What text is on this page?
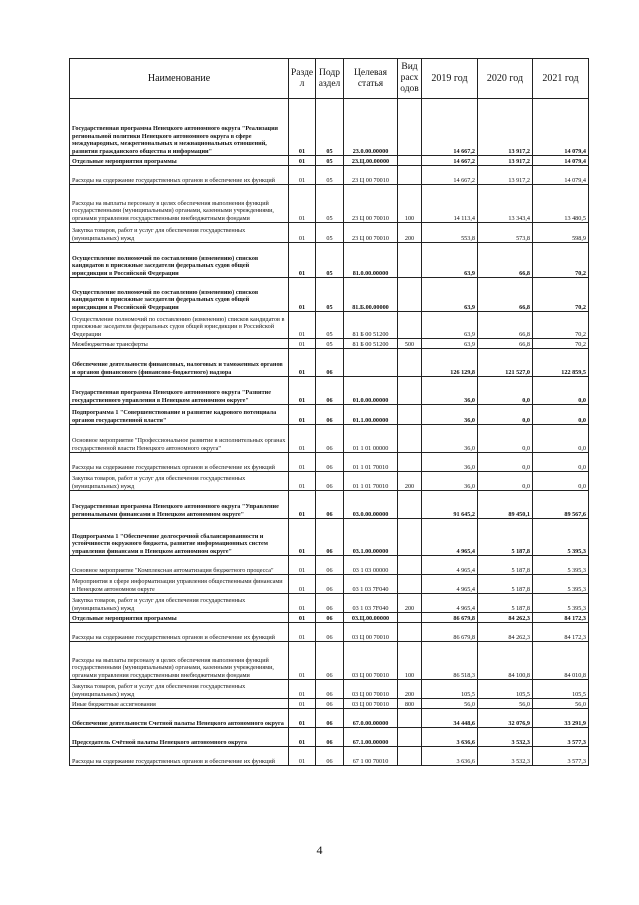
Наименование	Разде л	Подр аздел	Целевая статья	Вид расх одов	2019 год	2020 год	2021 год
Государственная программа Ненецкого автономного округа "Реализация региональной политики Ненецкого автономного округа в сфере международных, межрегиональных и межнациональных отношений, развития гражданского общества и информации"	01	05	23.0.00.00000		14 667,2	13 917,2	14 079,4
Отдельные мероприятия программы	01	05	23.Ц.00.00000		14 667,2	13 917,2	14 079,4
Расходы на содержание государственных органов и обеспечение их функций	01	05	23 Ц 00 70010		14 667,2	13 917,2	14 079,4
Расходы на выплаты персоналу в целях обеспечения выполнения функций государственными (муниципальными) органами, казенными учреждениями, органами управления государственными внебюджетными фондами	01	05	23 Ц 00 70010	100	14 113,4	13 343,4	13 480,5
Закупка товаров, работ и услуг для обеспечения государственных (муниципальных) нужд	01	05	23 Ц 00 70010	200	553,8	573,8	598,9
Осуществление полномочий по составлению (изменению) списков кандидатов в присяжные заседатели федеральных судов общей юрисдикции в Российской Федерации	01	05	81.0.00.00000		63,9	66,8	70,2
Осуществление полномочий по составлению (изменению) списков кандидатов в присяжные заседатели федеральных судов общей юрисдикции в Российской Федерации	01	05	81.Б.00.00000		63,9	66,8	70,2
Осуществление полномочий по составлению (изменению) списков кандидатов в присяжные заседатели федеральных судов общей юрисдикции в Российской Федерации	01	05	81 Б 00 51200		63,9	66,8	70,2
Межбюджетные трансферты	01	05	81 Б 00 51200	500	63,9	66,8	70,2
Обеспечение деятельности финансовых, налоговых и таможенных органов и органов финансового (финансово-бюджетного) надзора	01	06			126 129,8	121 527,0	122 859,5
Государственная программа Ненецкого автономного округа "Развитие государственного управления в Ненецком автономном округе"	01	06	01.0.00.00000		36,0	0,0	0,0
Подпрограмма 1 "Совершенствование и развитие кадрового потенциала органов государственной власти"	01	06	01.1.00.00000		36,0	0,0	0,0
Основное мероприятие "Профессиональное развитие в исполнительных органах государственной власти Ненецкого автономного округа"	01	06	01 1 01 00000		36,0	0,0	0,0
Расходы на содержание государственных органов и обеспечение их функций	01	06	01 1 01 70010		36,0	0,0	0,0
Закупка товаров, работ и услуг для обеспечения государственных (муниципальных) нужд	01	06	01 1 01 70010	200	36,0	0,0	0,0
Государственная программа Ненецкого автономного округа "Управление региональными финансами в Ненецком автономном округе"	01	06	03.0.00.00000		91 645,2	89 450,1	89 567,6
Подпрограмма 1 "Обеспечение долгосрочной сбалансированности и устойчивости окружного бюджета, развитие информационных систем управления финансами в Ненецком автономном округе"	01	06	03.1.00.00000		4 965,4	5 187,8	5 395,3
Основное мероприятие "Комплексная автоматизация бюджетного процесса"	01	06	03 1 03 00000		4 965,4	5 187,8	5 395,3
Мероприятия в сфере информатизации управления общественными финансами в Ненецком автономном округе	01	06	03 1 03 7F040		4 965,4	5 187,8	5 395,3
Закупка товаров, работ и услуг для обеспечения государственных (муниципальных) нужд	01	06	03 1 03 7F040	200	4 965,4	5 187,8	5 395,3
Отдельные мероприятия программы	01	06	03.Ц.00.00000		86 679,8	84 262,3	84 172,3
Расходы на содержание государственных органов и обеспечение их функций	01	06	03 Ц 00 70010		86 679,8	84 262,3	84 172,3
Расходы на выплаты персоналу в целях обеспечения выполнения функций государственными (муниципальными) органами, казенными учреждениями, органами управления государственными внебюджетными фондами	01	06	03 Ц 00 70010	100	86 518,3	84 100,8	84 010,8
Закупка товаров, работ и услуг для обеспечения государственных (муниципальных) нужд	01	06	03 Ц 00 70010	200	105,5	105,5	105,5
Иные бюджетные ассигнования	01	06	03 Ц 00 70010	800	56,0	56,0	56,0
Обеспечение деятельности Счетной палаты Ненецкого автономного округа	01	06	67.0.00.00000		34 448,6	32 076,9	33 291,9
Председатель Счётной палаты Ненецкого автономного округа	01	06	67.1.00.00000		3 636,6	3 532,3	3 577,3
Расходы на содержание государственных органов и обеспечение их функций	01	06	67 1 00 70010		3 636,6	3 532,3	3 577,3
4
